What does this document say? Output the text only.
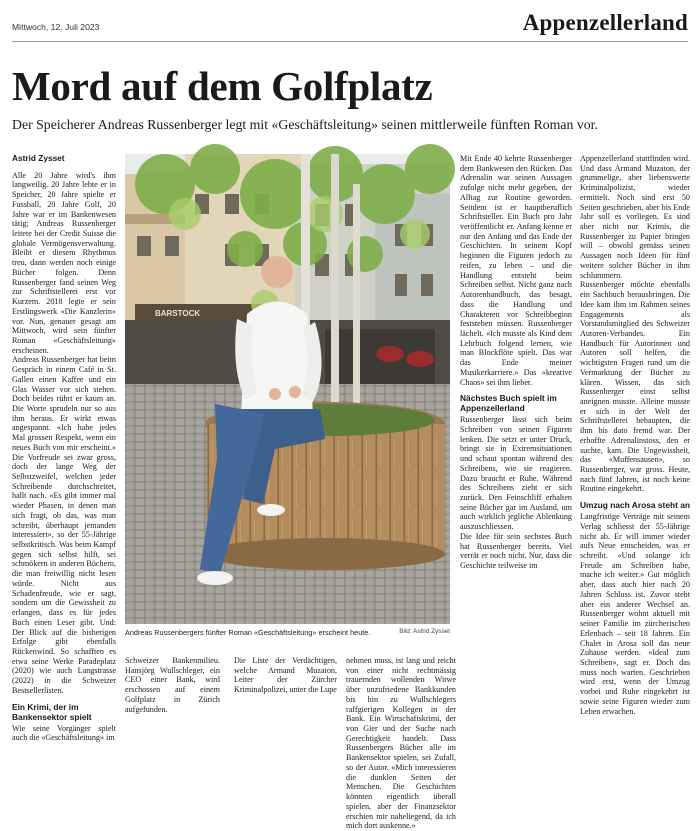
Mittwoch, 12. Juli 2023	Appenzellerland
Mord auf dem Golfplatz
Der Speicherer Andreas Russenberger legt mit «Geschäftsleitung» seinen mittlerweile fünften Roman vor.
Astrid Zysset

Alle 20 Jahre wird's ihm langweilig. 20 Jahre lebte er in Speicher, 20 Jahre spielte er Fussball, 20 Jahre Golf, 20 Jahre war er im Bankenwesen tätig; Andreas Russenberger leitete bei der Credit Suisse die globale Vermögensverwaltung. Bleibt er diesem Rhythmus treu, dann werden noch einige Bücher folgen. Denn Russenberger fand seinen Weg zur Schriftstellerei erst vor Kurzem. 2018 legte er sein Erstlingswerk «Die Kanzlerin» vor. Nun, genauer gesagt am Mittwoch, wird sein fünfter Roman «Geschäftsleitung» erscheinen.

Andreas Russenberger hat beim Gespräch in einem Café in St. Gallen einen Kaffee und ein Glas Wasser vor sich stehen. Doch beides rührt er kaum an. Die Worte sprudeln nur so aus ihm heraus. Er wirkt etwas angespannt. «Ich habe jedes Mal grossen Respekt, wenn ein neues Buch von mir erscheint.» Die Vorfreude sei zwar gross, doch der lange Weg der Selbstzweifel, welchen jeder Schreibende durchschreitet, hallt nach. «Es gibt immer mal wieder Phasen, in denen man sich fragt, ob das, was man schreibt, überhaupt jemanden interessiert», so der 55-Jährige selbstkritisch. Was beim Kampf gegen sich selbst hilft, sei schmökern in anderen Büchern, die man freiwillig nicht lesen würde. Nicht aus Schadenfreude, wie er sagt, sondern um die Gewissheit zu erlangen, dass es für jedes Buch einen Leser gibt. Und: Der Blick auf die bisherigen Erfolge gibt ebenfalls Rückenwind. So schafften es etwa seine Werke Paradeplatz (2020) wie auch Langstrasse (2022) in die Schweizer Bestsellerlisten.

Ein Krimi, der im Bankensektor spielt

Wie seine Vorgänger spielt auch die «Geschäftsleitung» im

BARSTOCK
Andreas Russenbergers fünfter Roman «Geschäftsleitung» erscheint heute.	Bild: Astrid Zysset

Schweizer Bankenmilieu. Hansjörg Wullschleger, ein CEO einer Bank, wird erschossen auf einem Golfplatz in Zürich aufgefunden.

Die Liste der Verdächtigen, welche Armand Muzaton, Leiter der Zürcher Kriminalpolizei, unter die Lupe

nehmen muss, ist lang und reicht von einer nicht rechtmässig trauernden wollenden Witwe über unzufriedene Bankkunden bis hin zu Wullschlegers raffgierigen Kollegen in der Bank. Ein Wirtschaftskrimi, der von Gier und der Suche nach Gerechtigkeit handelt. Dass Russenbergers Bücher alle im Bankensektor spielen, sei Zufall, so der Autor. «Mich interessieren die dunklen Seiten der Menschen. Die Geschichten könnten eigentlich überall spielen, aber der Finanzsektor erschien mir naheliegend, da ich mich dort auskenne.»

Mit Ende 40 kehrte Russenberger dem Bankwesen den Rücken. Das Adrenalin war seinen Aussagen zufolge nicht mehr gegeben, der Alltag zur Routine geworden. Seitdem ist er hauptberuflich Schriftsteller. Ein Buch pro Jahr veröffentlicht er. Anfang kenne er nur den Anfang und das Ende der Geschichten. In seinem Kopf beginnen die Figuren jedoch zu reifen, zu leben – und die Handlung entsteht beim Schreiben selbst. Nicht ganz nach Autorenhandbuch, das besagt, dass die Handlung und Charakteren vor Schreibbeginn feststehen müssen. Russenberger lächelt. «Ich musste als Kind dem Lehrbuch folgend lernen, wie man Blockflöte spielt. Das war das Ende meiner Musikerkarriere.» Das «kreative Chaos» sei ihm lieber.

Nächstes Buch spielt im Appenzellerland

Russenberger lässt sich beim Schreiben von seinen Figuren lenken. Die setzt er unter Druck, bringt sie in Extremsituationen und schaut spontan während des Schreibens, wie sie reagieren. Dazu braucht er Ruhe. Während des Schreibens zieht er sich zurück. Den Feinschliff erhalten seine Bücher gar im Ausland, um auch wirklich jegliche Ablenkung auszuschliessen.

Die Idee für sein sechstes Buch hat Russenberger bereits. Viel verrät er noch nicht. Nur, dass die Geschichte teilweise im

Appenzellerland stattfinden wird. Und dass Armand Muzaton, der grummelige, aber liebenswerte Kriminalpolizist, wieder ermittelt. Noch sind erst 50 Seiten geschrieben, aber bis Ende Jahr soll es vorliegen. Es sind aber nicht nur Krimis, die Russenberger zu Papier bringen will – obwohl gemäss seinen Aussagen noch Ideen für fünf weitere solcher Bücher in ihm schlummern.

Russenberger möchte ebenfalls ein Sachbuch herausbringen. Die Idee kam ihm im Rahmen seines Engagements als Vorstandsmitglied des Schweizer Autoren-Verbandes. Ein Handbuch für Autorinnen und Autoren soll helfen, die wichtigsten Fragen rund um die Vermarktung der Bücher zu klären. Wissen, das sich Russenberger einst selbst aneignen musste. Alleine musste er sich in der Welt der Schriftstellerei behaupten, die ihm bis dato fremd war. Der erhoffte Adrenalinstoss, den er suchte, kam. Die Ungewissheit, das «Muffensausen», so Russenberger, war gross. Heute, nach fünf Jahren, ist noch keine Routine eingekehrt.

Umzug nach Arosa steht an

Langfristige Verträge mit seinem Verlag schliesst der 55-Jährige nicht ab. Er will immer wieder aufs Neue entscheiden, was er schreibt. «Und solange ich Freude am Schreiben habe, mache ich weiter.» Gut möglich aber, dass auch hier nach 20 Jahren Schluss ist. Zuvor steht aber ein anderer Wechsel an. Russenberger wohnt aktuell mit seiner Familie im zürcherischen Erlenbach – seit 18 Jahren. Ein Chalet in Arosa soll das neue Zuhause werden. «Ideal zum Schreiben», sagt er. Doch das muss noch warten. Geschrieben wird erst, wenn der Umzug vorbei und Ruhe eingekehrt ist sowie seine Figuren wieder zum Leben erwachen.
